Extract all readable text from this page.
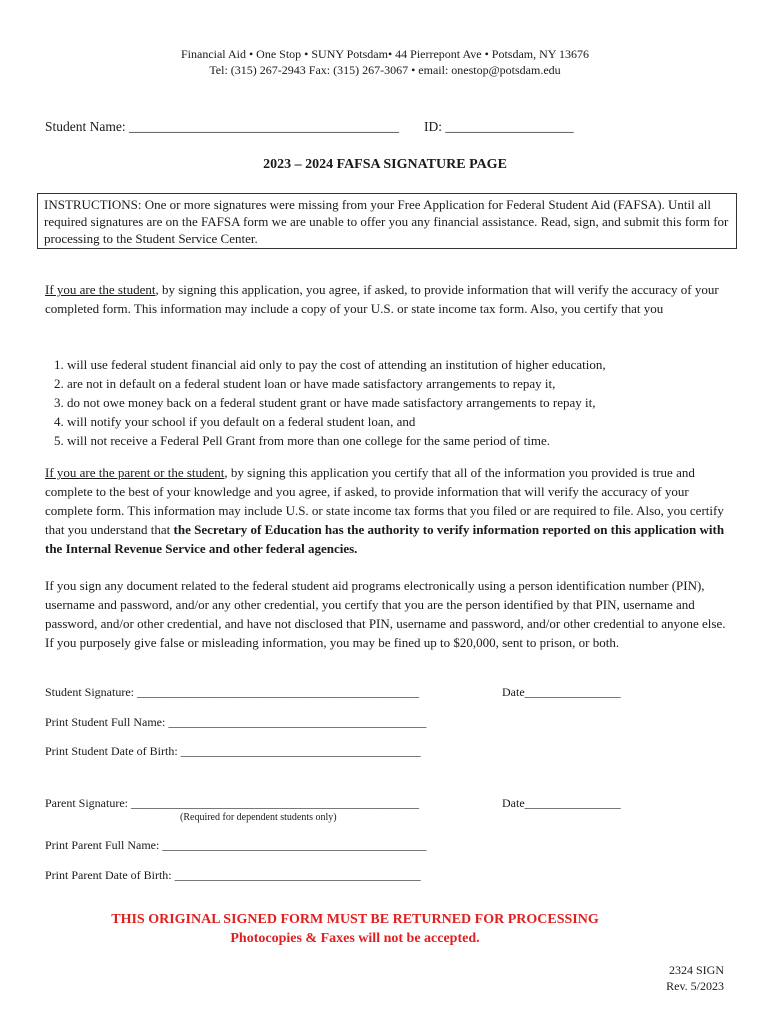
Financial Aid • One Stop • SUNY Potsdam• 44 Pierrepont Ave • Potsdam, NY 13676
Tel: (315) 267-2943 Fax: (315) 267-3067 • email: onestop@potsdam.edu
Student Name: ________________________________________ ID: ___________________
2023 – 2024 FAFSA SIGNATURE PAGE
INSTRUCTIONS: One or more signatures were missing from your Free Application for Federal Student Aid (FAFSA). Until all required signatures are on the FAFSA form we are unable to offer you any financial assistance. Read, sign, and submit this form for processing to the Student Service Center.
If you are the student, by signing this application, you agree, if asked, to provide information that will verify the accuracy of your completed form. This information may include a copy of your U.S. or state income tax form. Also, you certify that you
1. will use federal student financial aid only to pay the cost of attending an institution of higher education,
2. are not in default on a federal student loan or have made satisfactory arrangements to repay it,
3. do not owe money back on a federal student grant or have made satisfactory arrangements to repay it,
4. will notify your school if you default on a federal student loan, and
5. will not receive a Federal Pell Grant from more than one college for the same period of time.
If you are the parent or the student, by signing this application you certify that all of the information you provided is true and complete to the best of your knowledge and you agree, if asked, to provide information that will verify the accuracy of your complete form. This information may include U.S. or state income tax forms that you filed or are required to file. Also, you certify that you understand that the Secretary of Education has the authority to verify information reported on this application with the Internal Revenue Service and other federal agencies.
If you sign any document related to the federal student aid programs electronically using a person identification number (PIN), username and password, and/or any other credential, you certify that you are the person identified by that PIN, username and password, and/or other credential, and have not disclosed that PIN, username and password, and/or other credential to anyone else. If you purposely give false or misleading information, you may be fined up to $20,000, sent to prison, or both.
Student Signature: _______________________________________________	Date________________
Print Student Full Name: ___________________________________________
Print Student Date of Birth: ________________________________________
Parent Signature: ________________________________________________	Date________________
(Required for dependent students only)
Print Parent Full Name: ____________________________________________
Print Parent Date of Birth: _________________________________________
THIS ORIGINAL SIGNED FORM MUST BE RETURNED FOR PROCESSING
Photocopies & Faxes will not be accepted.
2324 SIGN
Rev. 5/2023
